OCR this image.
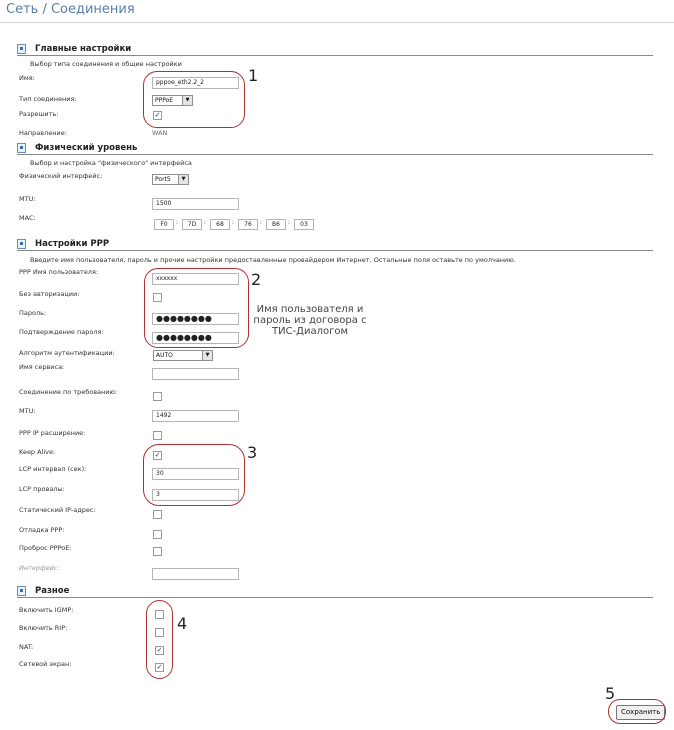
Сеть / Соединения
Главные настройки
Выбор типа соединения и общие настройки
Имя:
pppoe_eth2.2_2
Тип соединения:	PPPoE	▼
Разрешить:	✓
Направление:	WAN
Физический уровень
Выбор и настройка "физического" интерфейса
Физический интерфейс:	Port5	▼
MTU:
1500
MAC:
F0	:	7D	:	68	:	76	:	B6	:	03
Настройки PPP
Введите имя пользователя, пароль и прочие настройки предоставленные провайдером Интернет. Остальные поля оставьте по умолчанию.
PPP Имя пользователя:
xxxxxx
Без авторизации:
Пароль:
●●●●●●●●
Подтверждение пароля:
●●●●●●●●
Алгоритм аутентификации:	AUTO	▼
Имя сервиса:
Соединение по требованию:
MTU:
1492
PPP IP расширение:
Keep Alive:	✓
LCP интервал (сек):
30
LCP провалы:
3
Статический IP-адрес:
Отладка PPP:
Проброс PPPoE:
Интерфейс:
Разное
Включить IGMP:
Включить RIP:
NAT:	✓
Сетевой экран:	✓
Сохранить
1
2
Имя пользователя и пароль из договора с ТИС-Диалогом
3
4
5
